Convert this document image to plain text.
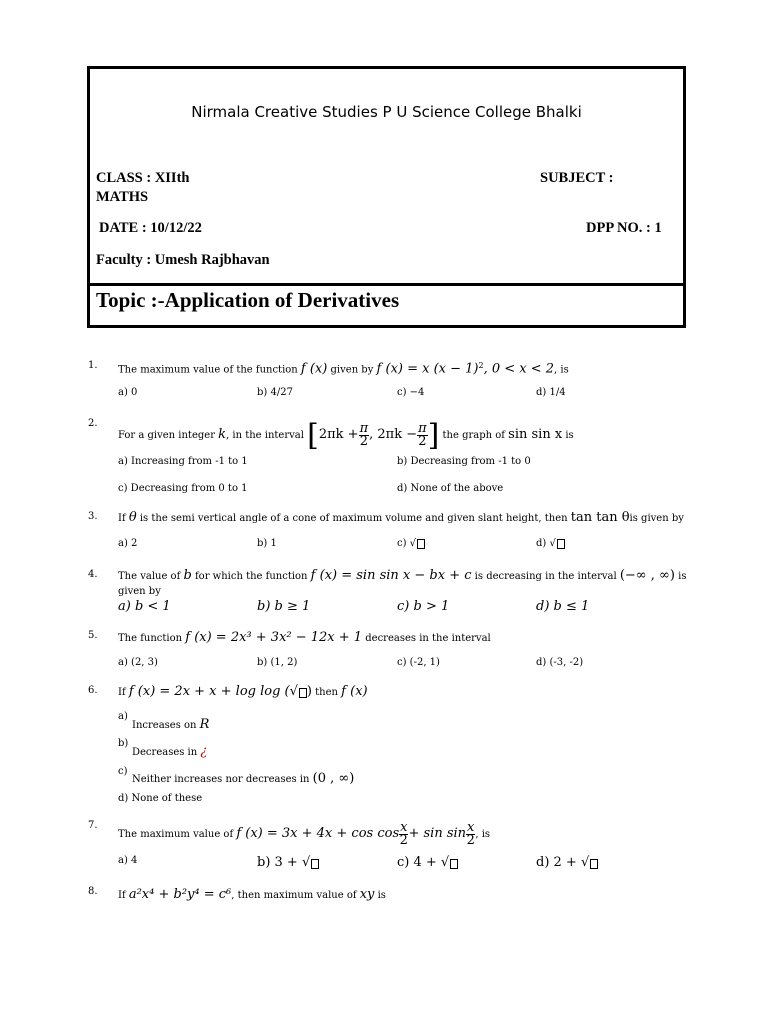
Nirmala Creative Studies P U Science College Bhalki
CLASS : XIIth
MATHS
SUBJECT :
DATE : 10/12/22	DPP NO. : 1
Faculty : Umesh Rajbhavan
Topic :-Application of Derivatives
1. The maximum value of the function f (x) given by f (x) = x $(x - 1)^2$, 0 < x < 2, is
a) 0	b) 4/27	c) −4	d) 1/4
2.
For a given integer k, in the interval [$2\pi k + \frac{\pi}{2}$ , $2\pi k - \frac{\pi}{2}$ ] the graph of sin sin x is
a) Increasing from -1 to 1	b) Decreasing from -1 to 0
c) Decreasing from 0 to 1	d) None of the above
3. If θ is the semi vertical angle of a cone of maximum volume and given slant height, then tan tan θis given by
a) 2	b) 1	c) √	d) √
4. The value of b for which the function f (x) = sin sin x − bx + c is decreasing in the interval (−∞ , ∞) is
given by
a) b < 1	b) b ≥ 1	c) b > 1	d) b ≤ 1
5. The function f (x) = 2x³ + 3x² − 12x + 1 decreases in the interval
a) (2, 3)	b) (1, 2)	c) (-2, 1)	d) (-3, -2)
6. If f (x) = 2x + x + log log (√ ) then f (x)
a)
Increases on R
b)
Decreases in ¿
c)
Neither increases nor decreases in (0 , ∞)
d) None of these
7.
The maximum value of f $(x) = 3x + 4x + \cos \cos \frac{x}{2} + \sin \sin \frac{x}{2}$ , is
a) 4	b) 3 + √	c) 4 + √	d) 2 + √
8. If a²x⁴ + b²y⁴ = c⁶, then maximum value of xy is
